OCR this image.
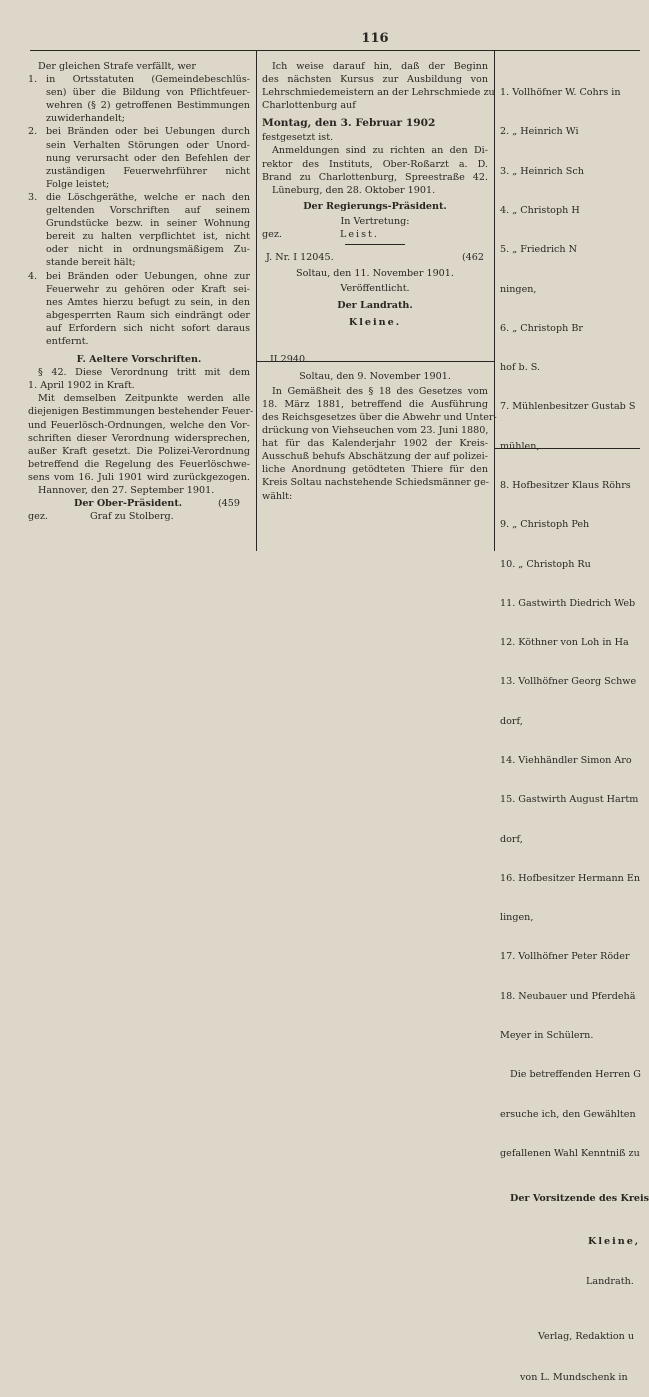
116
Der gleichen Strafe verfällt, wer
1. in Ortsstatuten (Gemeindebeschlüs-
sen) über die Bildung von Pflichtfeuer-
wehren (§ 2) getroffenen Bestimmungen
zuwiderhandelt;
2. bei Bränden oder bei Uebungen durch
sein Verhalten Störungen oder Unord-
nung verursacht oder den Befehlen der
zuständigen Feuerwehrführer nicht
Folge leistet;
3. die Löschgeräthe, welche er nach den
geltenden Vorschriften auf seinem
Grundstücke bezw. in seiner Wohnung
bereit zu halten verpflichtet ist, nicht
oder nicht in ordnungsmäßigem Zu-
stande bereit hält;
4. bei Bränden oder Uebungen, ohne zur
Feuerwehr zu gehören oder Kraft sei-
nes Amtes hierzu befugt zu sein, in den
abgesperrten Raum sich eindrängt oder
auf Erfordern sich nicht sofort daraus
entfernt.
F. Aeltere Vorschriften.
§ 42. Diese Verordnung tritt mit dem
1. April 1902 in Kraft.
Mit demselben Zeitpunkte werden alle
diejenigen Bestimmungen bestehender Feuer-
und Feuerlösch-Ordnungen, welche den Vor-
schriften dieser Verordnung widersprechen,
außer Kraft gesetzt. Die Polizei-Verordnung
betreffend die Regelung des Feuerlöschwe-
sens vom 16. Juli 1901 wird zurückgezogen.
Hannover, den 27. September 1901.
Der Ober-Präsident.	(459
gez.	Graf zu Stolberg.
Ich weise darauf hin, daß der Beginn
des nächsten Kursus zur Ausbildung von
Lehrschmiedemeistern an der Lehrschmiede zu
Charlottenburg auf
Montag, den 3. Februar 1902
festgesetzt ist.
Anmeldungen sind zu richten an den Di-
rektor des Instituts, Ober-Roßarzt a. D.
Brand zu Charlottenburg, Spreestraße 42.
Lüneburg, den 28. Oktober 1901.
Der Regierungs-Präsident.
In Vertretung:
gez.	Leist.
J. Nr. I 12045.	(462
Soltau, den 11. November 1901.
Veröffentlicht.
Der Landrath.
Kleine.
II 2940.
Soltau, den 9. November 1901.
In Gemäßheit des § 18 des Gesetzes vom
18. März 1881, betreffend die Ausführung
des Reichsgesetzes über die Abwehr und Unter-
drückung von Viehseuchen vom 23. Juni 1880,
hat für das Kalenderjahr 1902 der Kreis-
Ausschuß behufs Abschätzung der auf polizei-
liche Anordnung getödteten Thiere für den
Kreis Soltau nachstehende Schiedsmänner ge-
wählt:

1. Vollhöfner W. Cohrs in

2. „ Heinrich Wi

3. „ Heinrich Sch

4. „ Christoph H

5. „ Friedrich N

ningen,

6. „ Christoph Br

hof b. S.

7. Mühlenbesitzer Gustab S

mühlen,

8. Hofbesitzer Klaus Röhrs

9. „ Christoph Peh

10. „ Christoph Ru

11. Gastwirth Diedrich Web

12. Köthner von Loh in Ha

13. Vollhöfner Georg Schwe

dorf,

14. Viehhändler Simon Aro

15. Gastwirth August Hartm

dorf,

16. Hofbesitzer Hermann En

lingen,

17. Vollhöfner Peter Röder

18. Neubauer und Pferdehä

Meyer in Schülern.

Die betreffenden Herren G

ersuche ich, den Gewählten

gefallenen Wahl Kenntniß zu

Der Vorsitzende des Kreis

Kleine,

Landrath.

Verlag, Redaktion u

von L. Mundschenk in
